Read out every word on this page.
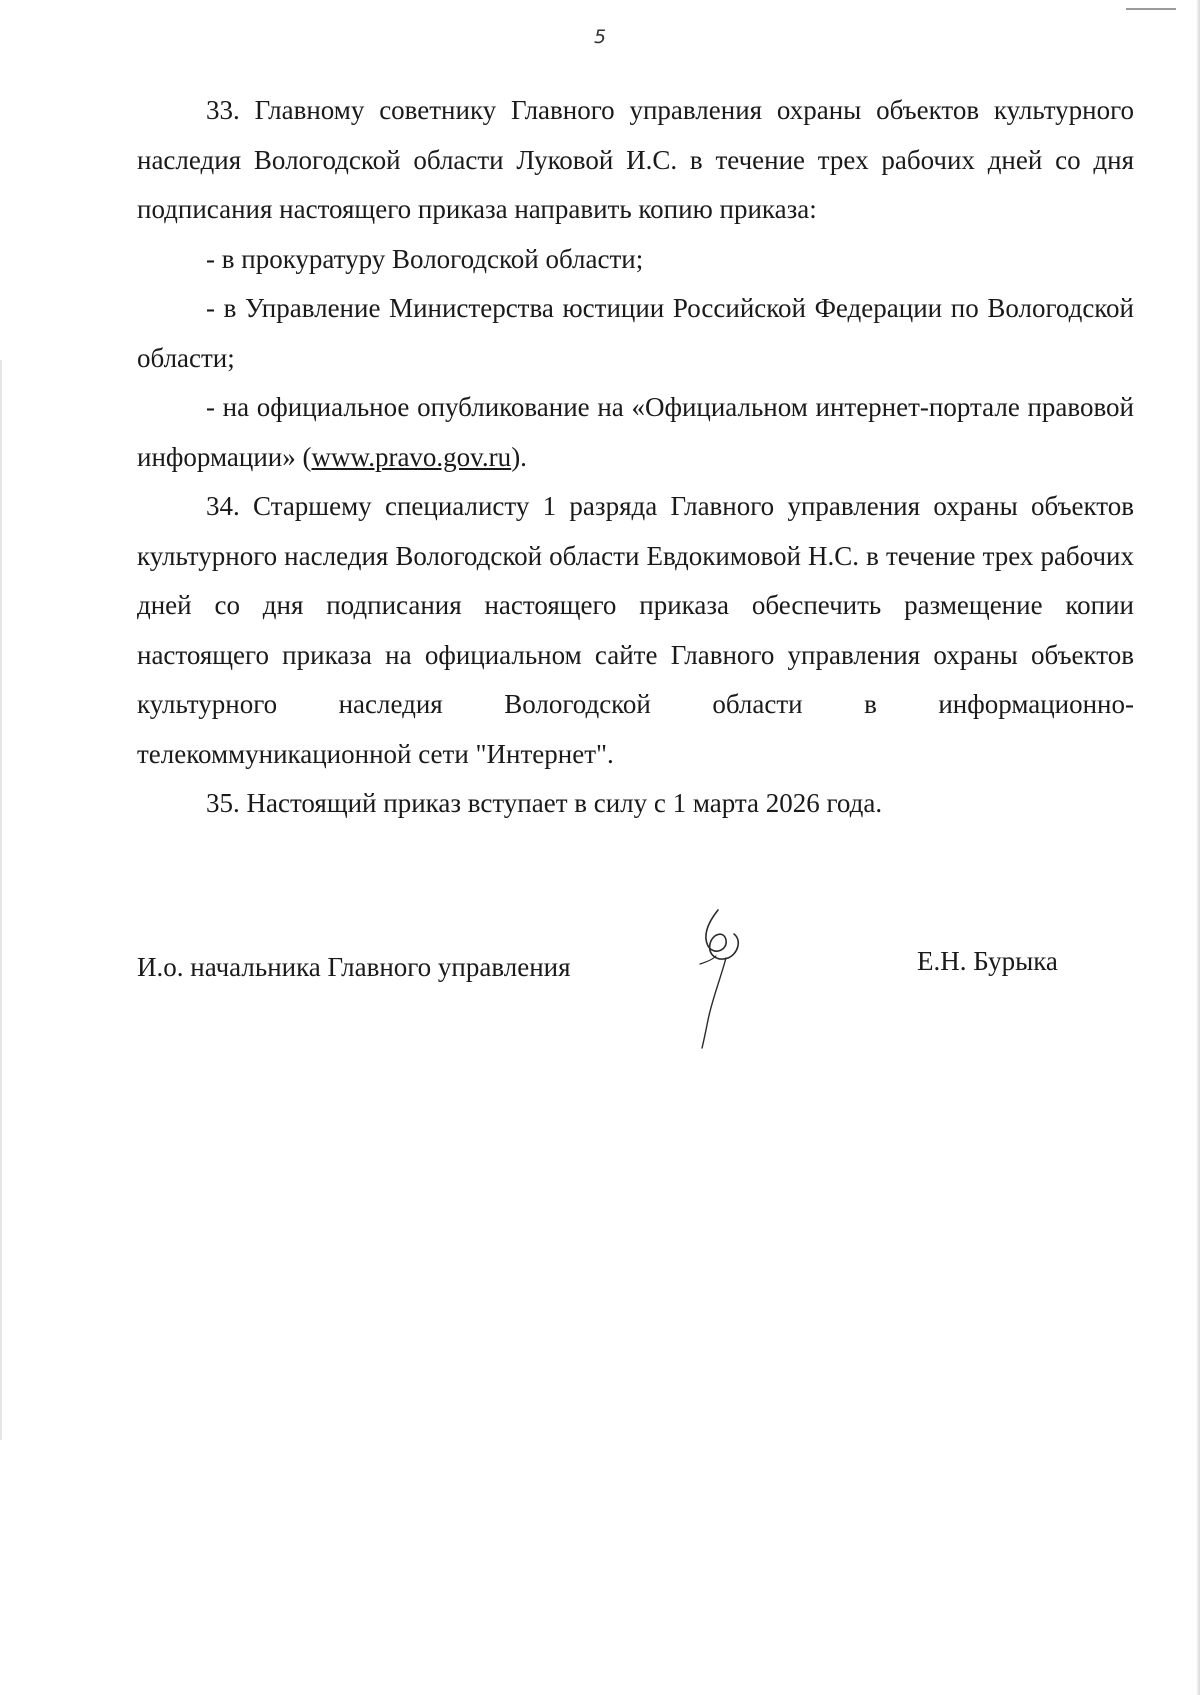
5

33. Главному советнику Главного управления охраны объектов культурного наследия Вологодской области Луковой И.С. в течение трех рабочих дней со дня подписания настоящего приказа направить копию приказа:

- в прокуратуру Вологодской области;

- в Управление Министерства юстиции Российской Федерации по Вологодской области;

- на официальное опубликование на «Официальном интернет-портале правовой информации» (www.pravo.gov.ru).

34. Старшему специалисту 1 разряда Главного управления охраны объектов культурного наследия Вологодской области Евдокимовой Н.С. в течение трех рабочих дней со дня подписания настоящего приказа обеспечить размещение копии настоящего приказа на официальном сайте Главного управления охраны объектов культурного наследия Вологодской области в информационно-телекоммуникационной сети "Интернет".

35. Настоящий приказ вступает в силу с 1 марта 2026 года.

И.о. начальника Главного управления	Е.Н. Бурыка
